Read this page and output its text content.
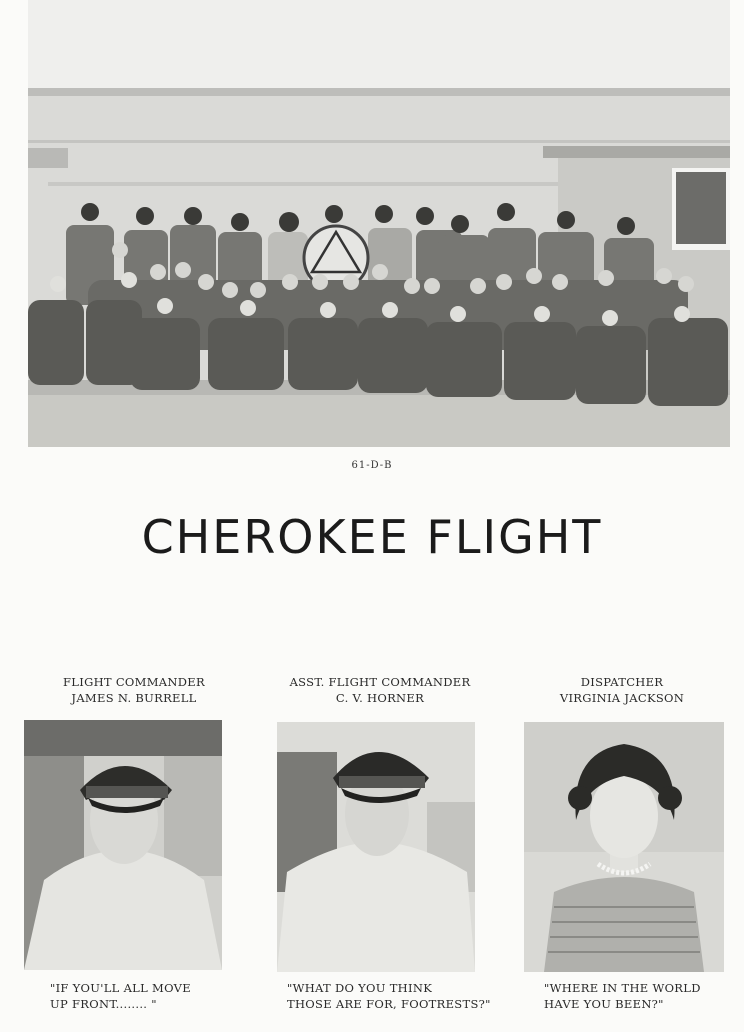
61-D-B
CHEROKEE FLIGHT
FLIGHT COMMANDER
JAMES N. BURRELL
"IF YOU'LL ALL MOVE
UP FRONT........ "
ASST. FLIGHT COMMANDER
C. V. HORNER
"WHAT DO YOU THINK
THOSE ARE FOR, FOOTRESTS?"
DISPATCHER
VIRGINIA JACKSON
"WHERE IN THE WORLD
HAVE YOU BEEN?"
